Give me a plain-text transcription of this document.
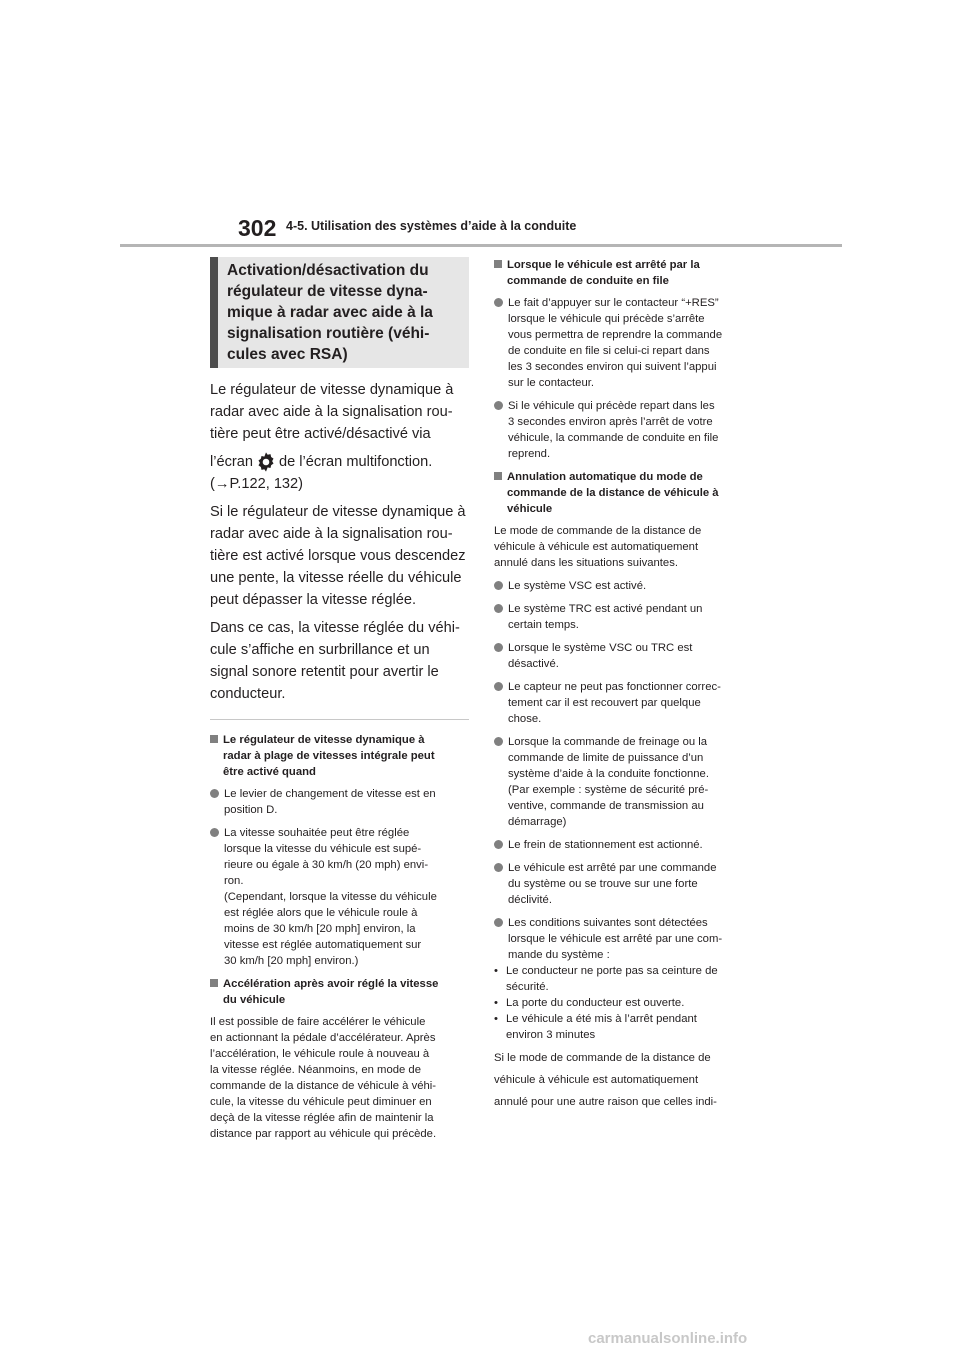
302 4-5. Utilisation des systèmes d’aide à la conduite
Activation/désactivation du
régulateur de vitesse dyna-
mique à radar avec aide à la
signalisation routière (véhi-
cules avec RSA)

Le régulateur de vitesse dynamique à

radar avec aide à la signalisation rou-

tière peut être activé/désactivé via

l’écran de l’écran multifonction.

(→P.122, 132)

Si le régulateur de vitesse dynamique à

radar avec aide à la signalisation rou-

tière est activé lorsque vous descendez

une pente, la vitesse réelle du véhicule

peut dépasser la vitesse réglée.

Dans ce cas, la vitesse réglée du véhi-

cule s’affiche en surbrillance et un

signal sonore retentit pour avertir le

conducteur.

Le régulateur de vitesse dynamique à
radar à plage de vitesses intégrale peut
être activé quand
Le levier de changement de vitesse est en
position D.
La vitesse souhaitée peut être réglée
lorsque la vitesse du véhicule est supé-
rieure ou égale à 30 km/h (20 mph) envi-
ron.
(Cependant, lorsque la vitesse du véhicule
est réglée alors que le véhicule roule à
moins de 30 km/h [20 mph] environ, la
vitesse est réglée automatiquement sur
30 km/h [20 mph] environ.)
Accélération après avoir réglé la vitesse
du véhicule
Il est possible de faire accélérer le véhicule
en actionnant la pédale d’accélérateur. Après
l’accélération, le véhicule roule à nouveau à
la vitesse réglée. Néanmoins, en mode de
commande de la distance de véhicule à véhi-
cule, la vitesse du véhicule peut diminuer en
deçà de la vitesse réglée afin de maintenir la
distance par rapport au véhicule qui précède.
Lorsque le véhicule est arrêté par la
commande de conduite en file
Le fait d’appuyer sur le contacteur “+RES”
lorsque le véhicule qui précède s’arrête
vous permettra de reprendre la commande
de conduite en file si celui-ci repart dans
les 3 secondes environ qui suivent l’appui
sur le contacteur.
Si le véhicule qui précède repart dans les
3 secondes environ après l’arrêt de votre
véhicule, la commande de conduite en file
reprend.
Annulation automatique du mode de
commande de la distance de véhicule à
véhicule
Le mode de commande de la distance de
véhicule à véhicule est automatiquement
annulé dans les situations suivantes.
Le système VSC est activé.
Le système TRC est activé pendant un
certain temps.
Lorsque le système VSC ou TRC est
désactivé.
Le capteur ne peut pas fonctionner correc-
tement car il est recouvert par quelque
chose.
Lorsque la commande de freinage ou la
commande de limite de puissance d’un
système d’aide à la conduite fonctionne.
(Par exemple : système de sécurité pré-
ventive, commande de transmission au
démarrage)
Le frein de stationnement est actionné.
Le véhicule est arrêté par une commande
du système ou se trouve sur une forte
déclivité.
Les conditions suivantes sont détectées
lorsque le véhicule est arrêté par une com-
mande du système :
• Le conducteur ne porte pas sa ceinture de
sécurité.
• La porte du conducteur est ouverte.
• Le véhicule a été mis à l’arrêt pendant
environ 3 minutes
Si le mode de commande de la distance de
véhicule à véhicule est automatiquement
annulé pour une autre raison que celles indi-
carmanualsonline.info
